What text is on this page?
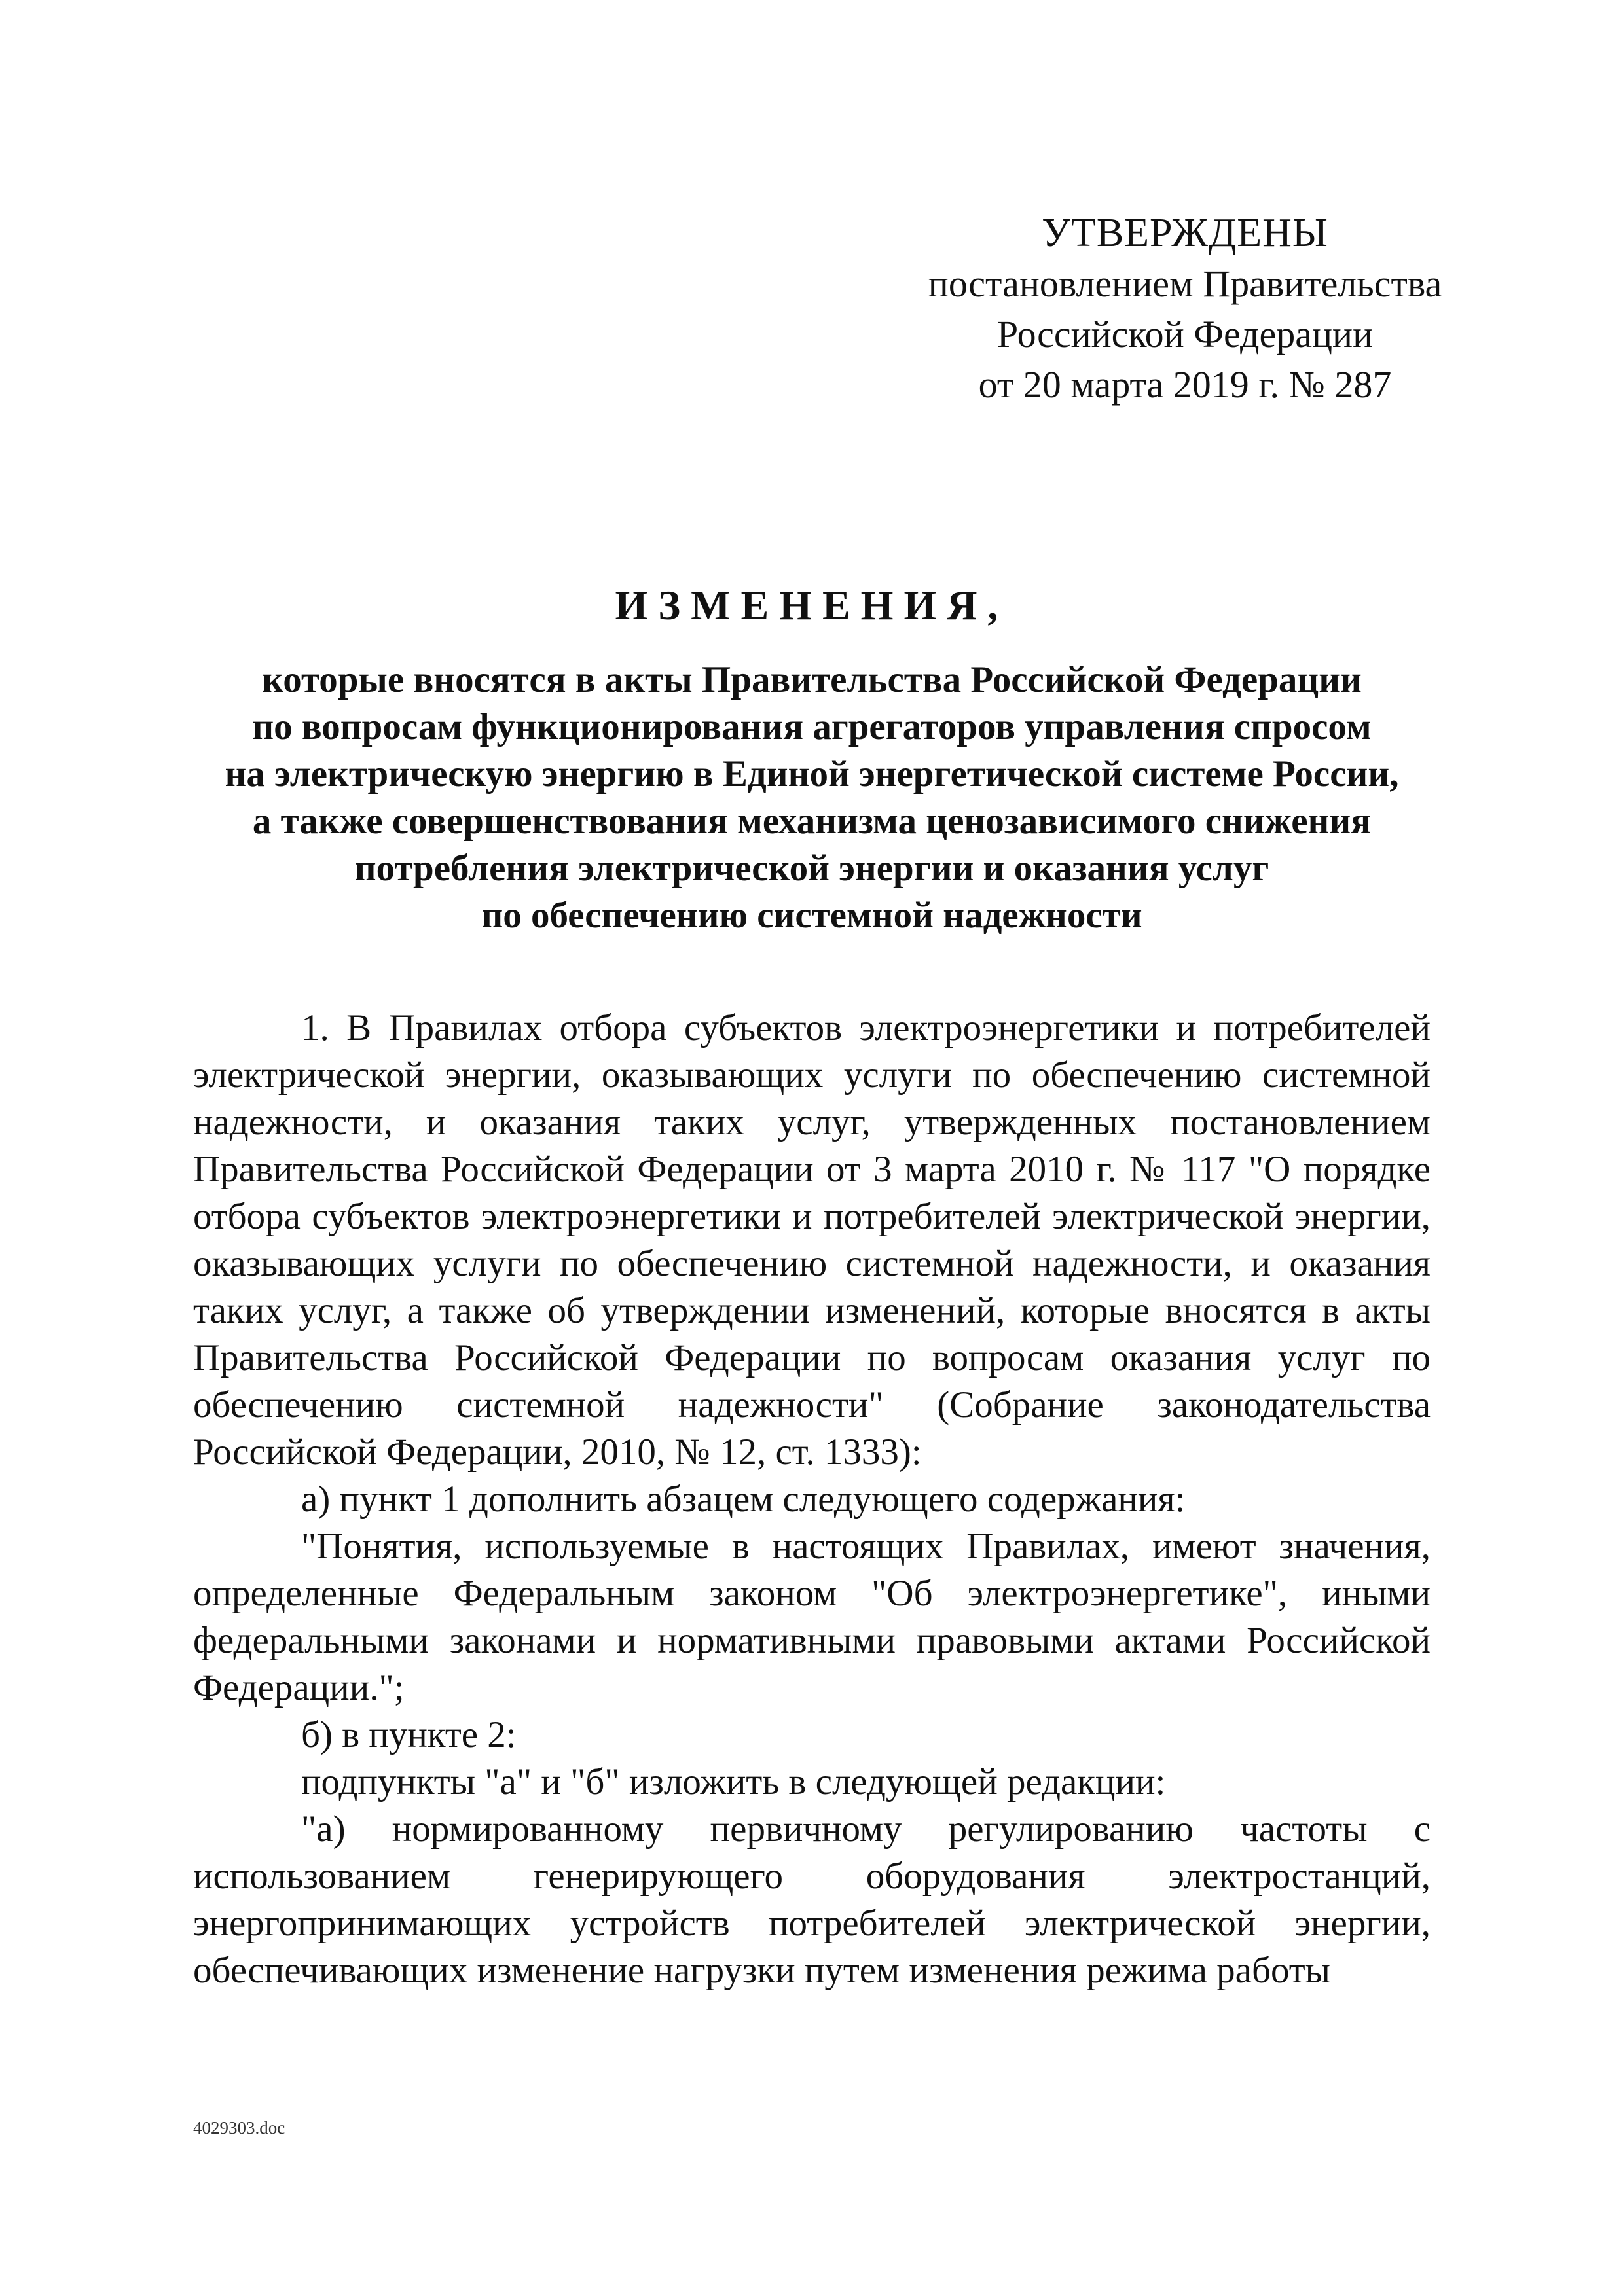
УТВЕРЖДЕНЫ
постановлением Правительства
Российской Федерации
от 20 марта 2019 г. № 287
ИЗМЕНЕНИЯ,
которые вносятся в акты Правительства Российской Федерации
по вопросам функционирования агрегаторов управления спросом
на электрическую энергию в Единой энергетической системе России,
а также совершенствования механизма ценозависимого снижения
потребления электрической энергии и оказания услуг
по обеспечению системной надежности

1. В Правилах отбора субъектов электроэнергетики и потребителей электрической энергии, оказывающих услуги по обеспечению системной надежности, и оказания таких услуг, утвержденных постановлением Правительства Российской Федерации от 3 марта 2010 г. № 117 "О порядке отбора субъектов электроэнергетики и потребителей электрической энергии, оказывающих услуги по обеспечению системной надежности, и оказания таких услуг, а также об утверждении изменений, которые вносятся в акты Правительства Российской Федерации по вопросам оказания услуг по обеспечению системной надежности" (Собрание законодательства Российской Федерации, 2010, № 12, ст. 1333):

а) пункт 1 дополнить абзацем следующего содержания:

"Понятия, используемые в настоящих Правилах, имеют значения, определенные Федеральным законом "Об электроэнергетике", иными федеральными законами и нормативными правовыми актами Российской Федерации.";

б) в пункте 2:

подпункты "а" и "б" изложить в следующей редакции:

"а) нормированному первичному регулированию частоты с использованием генерирующего оборудования электростанций, энергопринимающих устройств потребителей электрической энергии, обеспечивающих изменение нагрузки путем изменения режима работы

4029303.doc
